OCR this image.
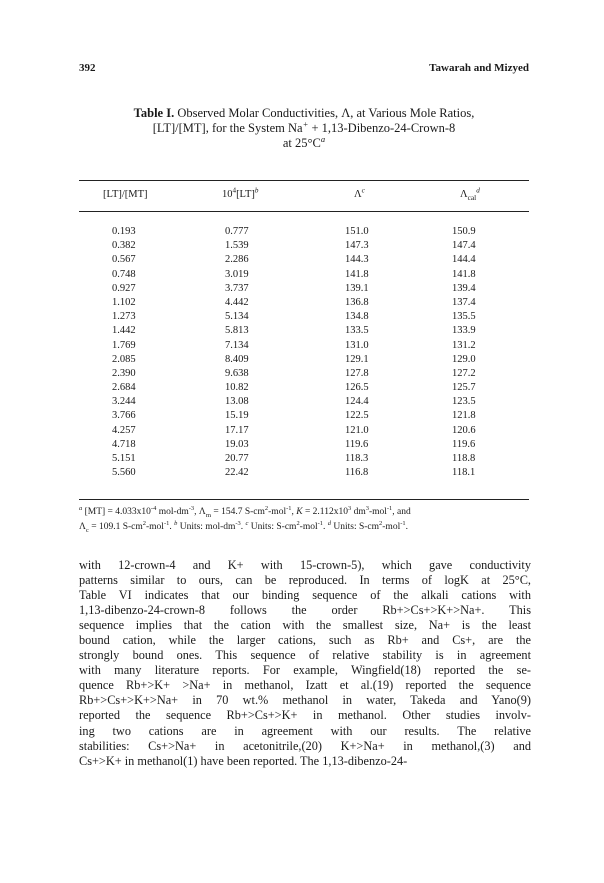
392	Tawarah and Mizyed
Table I. Observed Molar Conductivities, Λ, at Various Mole Ratios,
[LT]/[MT], for the System Na+ + 1,13-Dibenzo-24-Crown-8
at $25^\circ C^a$
[LT]/[MT]	$10^4[LT]^b$	$\Lambda^c$	$\Lambda_{cal}^d$
0.193	0.777	151.0	150.9
0.382	1.539	147.3	147.4
0.567	2.286	144.3	144.4
0.748	3.019	141.8	141.8
0.927	3.737	139.1	139.4
1.102	4.442	136.8	137.4
1.273	5.134	134.8	135.5
1.442	5.813	133.5	133.9
1.769	7.134	131.0	131.2
2.085	8.409	129.1	129.0
2.390	9.638	127.8	127.2
2.684	10.82	126.5	125.7
3.244	13.08	124.4	123.5
3.766	15.19	122.5	121.8
4.257	17.17	121.0	120.6
4.718	19.03	119.6	119.6
5.151	20.77	118.3	118.8
5.560	22.42	116.8	118.1
$^a$ $[MT] = 4.033x10^{-4}$ mol-$dm^{-3}$, $\Lambda_m = 154.7$ $S-cm^2-mol^{-1}$, $K = 2.112x10^3$ $dm^3-mol^{-1}$, and
$\Lambda_c = 109.1$ $S-cm^2-mol^{-1}$. $^b$ Units: mol-$dm^{-3}$. $^c$ Units: $S-cm^2-mol^{-1}$. $^d$ Units: $S-cm^2-mol^{-1}$.
with 12-crown-4 and K+ with 15-crown-5), which gave conductivity
patterns similar to ours, can be reproduced. In terms of logK at 25°C,
Table VI indicates that our binding sequence of the alkali cations with
1,13-dibenzo-24-crown-8 follows the order Rb+>Cs+>K+>Na+. This
sequence implies that the cation with the smallest size, Na+ is the least
bound cation, while the larger cations, such as Rb+ and Cs+, are the
strongly bound ones. This sequence of relative stability is in agreement
with many literature reports. For example, Wingfield(18) reported the se-
quence Rb+>K+ >Na+ in methanol, Izatt et al.(19) reported the sequence
Rb+>Cs+>K+>Na+ in 70 wt.% methanol in water, Takeda and Yano(9)
reported the sequence Rb+>Cs+>K+ in methanol. Other studies involv-
ing two cations are in agreement with our results. The relative
stabilities: Cs+>Na+ in acetonitrile,(20) K+>Na+ in methanol,(3) and
Cs+>K+ in methanol(1) have been reported. The 1,13-dibenzo-24-
